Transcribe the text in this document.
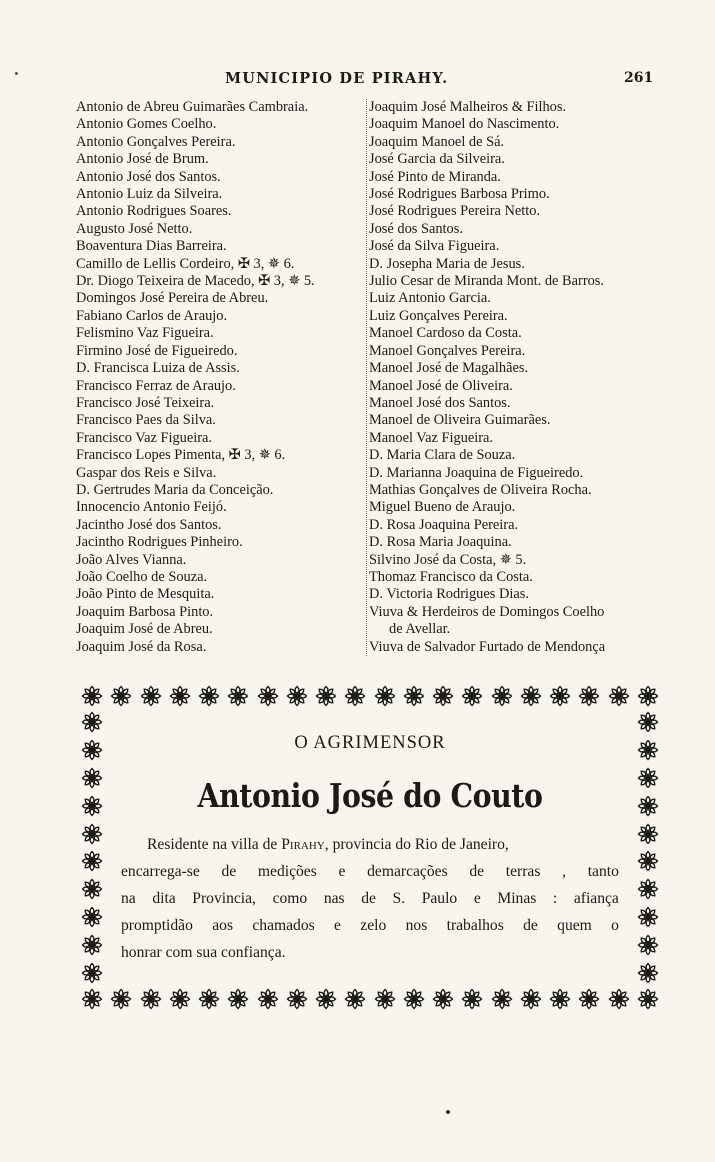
MUNICIPIO DE PIRAHY.	261
Antonio de Abreu Guimarães Cambraia.
Antonio Gomes Coelho.
Antonio Gonçalves Pereira.
Antonio José de Brum.
Antonio José dos Santos.
Antonio Luiz da Silveira.
Antonio Rodrigues Soares.
Augusto José Netto.
Boaventura Dias Barreira.
Camillo de Lellis Cordeiro, ✠ 3, ✵ 6.
Dr. Diogo Teixeira de Macedo, ✠ 3, ✵ 5.
Domingos José Pereira de Abreu.
Fabiano Carlos de Araujo.
Felismino Vaz Figueira.
Firmino José de Figueiredo.
D. Francisca Luiza de Assis.
Francisco Ferraz de Araujo.
Francisco José Teixeira.
Francisco Paes da Silva.
Francisco Vaz Figueira.
Francisco Lopes Pimenta, ✠ 3, ✵ 6.
Gaspar dos Reis e Silva.
D. Gertrudes Maria da Conceição.
Innocencio Antonio Feijó.
Jacintho José dos Santos.
Jacintho Rodrigues Pinheiro.
João Alves Vianna.
João Coelho de Souza.
João Pinto de Mesquita.
Joaquim Barbosa Pinto.
Joaquim José de Abreu.
Joaquim José da Rosa.
Joaquim José Malheiros & Filhos.
Joaquim Manoel do Nascimento.
Joaquim Manoel de Sá.
José Garcia da Silveira.
José Pinto de Miranda.
José Rodrigues Barbosa Primo.
José Rodrigues Pereira Netto.
José dos Santos.
José da Silva Figueira.
D. Josepha Maria de Jesus.
Julio Cesar de Miranda Mont. de Barros.
Luiz Antonio Garcia.
Luiz Gonçalves Pereira.
Manoel Cardoso da Costa.
Manoel Gonçalves Pereira.
Manoel José de Magalhães.
Manoel José de Oliveira.
Manoel José dos Santos.
Manoel de Oliveira Guimarães.
Manoel Vaz Figueira.
D. Maria Clara de Souza.
D. Marianna Joaquina de Figueiredo.
Mathias Gonçalves de Oliveira Rocha.
Miguel Bueno de Araujo.
D. Rosa Joaquina Pereira.
D. Rosa Maria Joaquina.
Silvino José da Costa, ✵ 5.
Thomaz Francisco da Costa.
D. Victoria Rodrigues Dias.
Viuva & Herdeiros de Domingos Coelho
de Avellar.
Viuva de Salvador Furtado de Mendonça
O AGRIMENSOR
Antonio José do Couto
Residente na villa de
Pirahy , provincia do Rio de Janeiro,
encarrega-se de medições e demarcações de terras , tanto
na dita Provincia, como nas de S. Paulo e Minas : afiança
promptidão aos chamados e zelo nos trabalhos de quem o
honrar com sua confiança.
